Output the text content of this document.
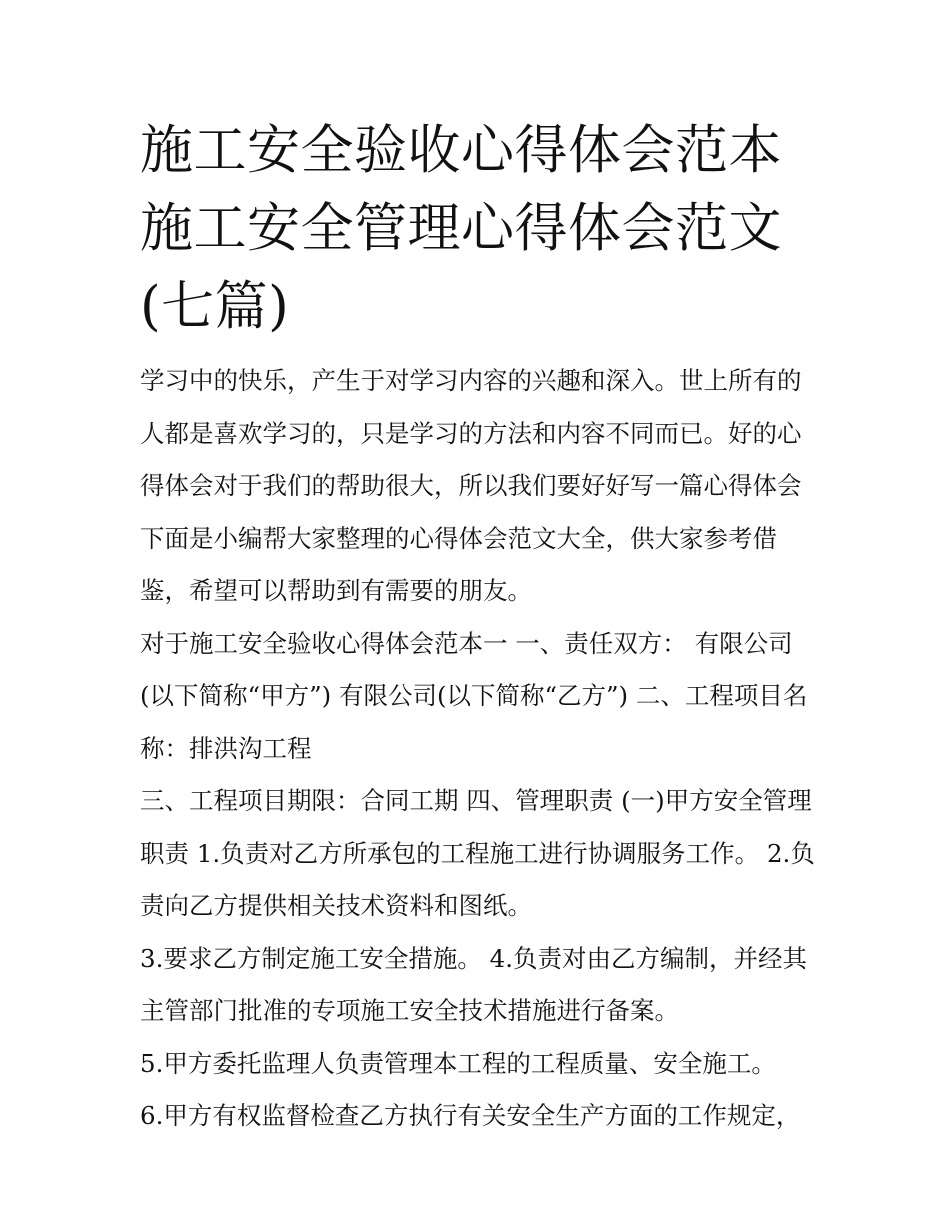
施工安全验收心得体会范本 施工安全管理心得体会范文(七篇)

学习中的快乐，产生于对学习内容的兴趣和深入。世上所有的人都是喜欢学习的，只是学习的方法和内容不同而已。好的心得体会对于我们的帮助很大，所以我们要好好写一篇心得体会下面是小编帮大家整理的心得体会范文大全，供大家参考借鉴，希望可以帮助到有需要的朋友。

对于施工安全验收心得体会范本一 一、责任双方： 有限公司(以下简称“甲方”) 有限公司(以下简称“乙方”) 二、工程项目名称：排洪沟工程

三、工程项目期限：合同工期 四、管理职责 (一)甲方安全管理职责 1.负责对乙方所承包的工程施工进行协调服务工作。 2.负责向乙方提供相关技术资料和图纸。

3.要求乙方制定施工安全措施。 4.负责对由乙方编制，并经其主管部门批准的专项施工安全技术措施进行备案。

5.甲方委托监理人负责管理本工程的工程质量、安全施工。

6.甲方有权监督检查乙方执行有关安全生产方面的工作规定，
